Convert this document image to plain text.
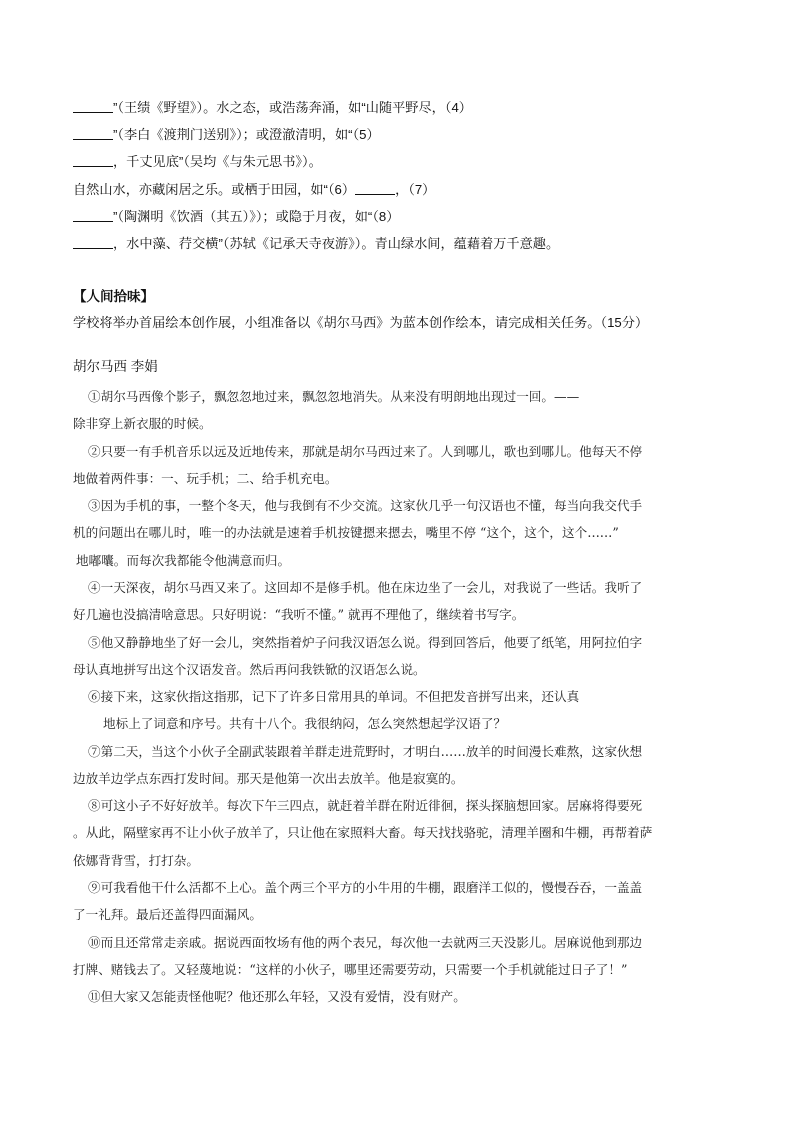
”（王绩《野望》）。水之态，或浩荡奔涌，如“山随平野尽，（4）
”（李白《渡荆门送别》）；或澄澈清明，如“（5）
，千丈见底”（吴均《与朱元思书》）。
自然山水，亦藏闲居之乐。或栖于田园，如“（6）	，（7）
”（陶渊明《饮酒（其五）》）；或隐于月夜，如“（8）
，水中藻、荇交横”（苏轼《记承天寺夜游》）。青山绿水间，蕴藉着万千意趣。
【人间拾味】
学校将举办首届绘本创作展，小组准备以《胡尔马西》为蓝本创作绘本，请完成相关任务。（15分）
胡尔马西 李娟
①胡尔马西像个影子，飘忽忽地过来，飘忽忽地消失。从来没有明朗地出现过一回。——
除非穿上新衣服的时候。
②只要一有手机音乐以远及近地传来，那就是胡尔马西过来了。人到哪儿，歌也到哪儿。他每天不停
地做着两件事：一、玩手机；二、给手机充电。
③因为手机的事，一整个冬天，他与我倒有不少交流。这家伙几乎一句汉语也不懂，每当向我交代手
机的问题出在哪儿时，唯一的办法就是速着手机按键摁来摁去，嘴里不停 “这个，这个，这个……”
地嘟囔。而每次我都能令他满意而归。
④一天深夜，胡尔马西又来了。这回却不是修手机。他在床边坐了一会儿，对我说了一些话。我听了
好几遍也没搞清啥意思。只好明说：“我听不懂。” 就再不理他了，继续着书写字。
⑤他又静静地坐了好一会儿，突然指着炉子问我汉语怎么说。得到回答后，他要了纸笔，用阿拉伯字
母认真地拼写出这个汉语发音。然后再问我铁锨的汉语怎么说。
⑥接下来，这家伙指这指那，记下了许多日常用具的单词。不但把发音拼写出来，还认真
地标上了词意和序号。共有十八个。我很纳闷，怎么突然想起学汉语了？
⑦第二天，当这个小伙子全副武装跟着羊群走进荒野时，才明白……放羊的时间漫长难熬，这家伙想
边放羊边学点东西打发时间。那天是他第一次出去放羊。他是寂寞的。
⑧可这小子不好好放羊。每次下午三四点，就赶着羊群在附近徘徊，探头探脑想回家。居麻将得要死
。从此，隔壁家再不让小伙子放羊了，只让他在家照料大畜。每天找找骆驼，清理羊圈和牛棚，再帮着萨
依娜背背雪，打打杂。
⑨可我看他干什么活都不上心。盖个两三个平方的小牛用的牛棚，跟磨洋工似的，慢慢吞吞，一盖盖
了一礼拜。最后还盖得四面漏风。
⑩而且还常常走亲戚。据说西面牧场有他的两个表兄，每次他一去就两三天没影儿。居麻说他到那边
打牌、赌钱去了。又轻蔑地说：“这样的小伙子，哪里还需要劳动，只需要一个手机就能过日子了！”
⑪但大家又怎能责怪他呢？他还那么年轻，又没有爱情，没有财产。
